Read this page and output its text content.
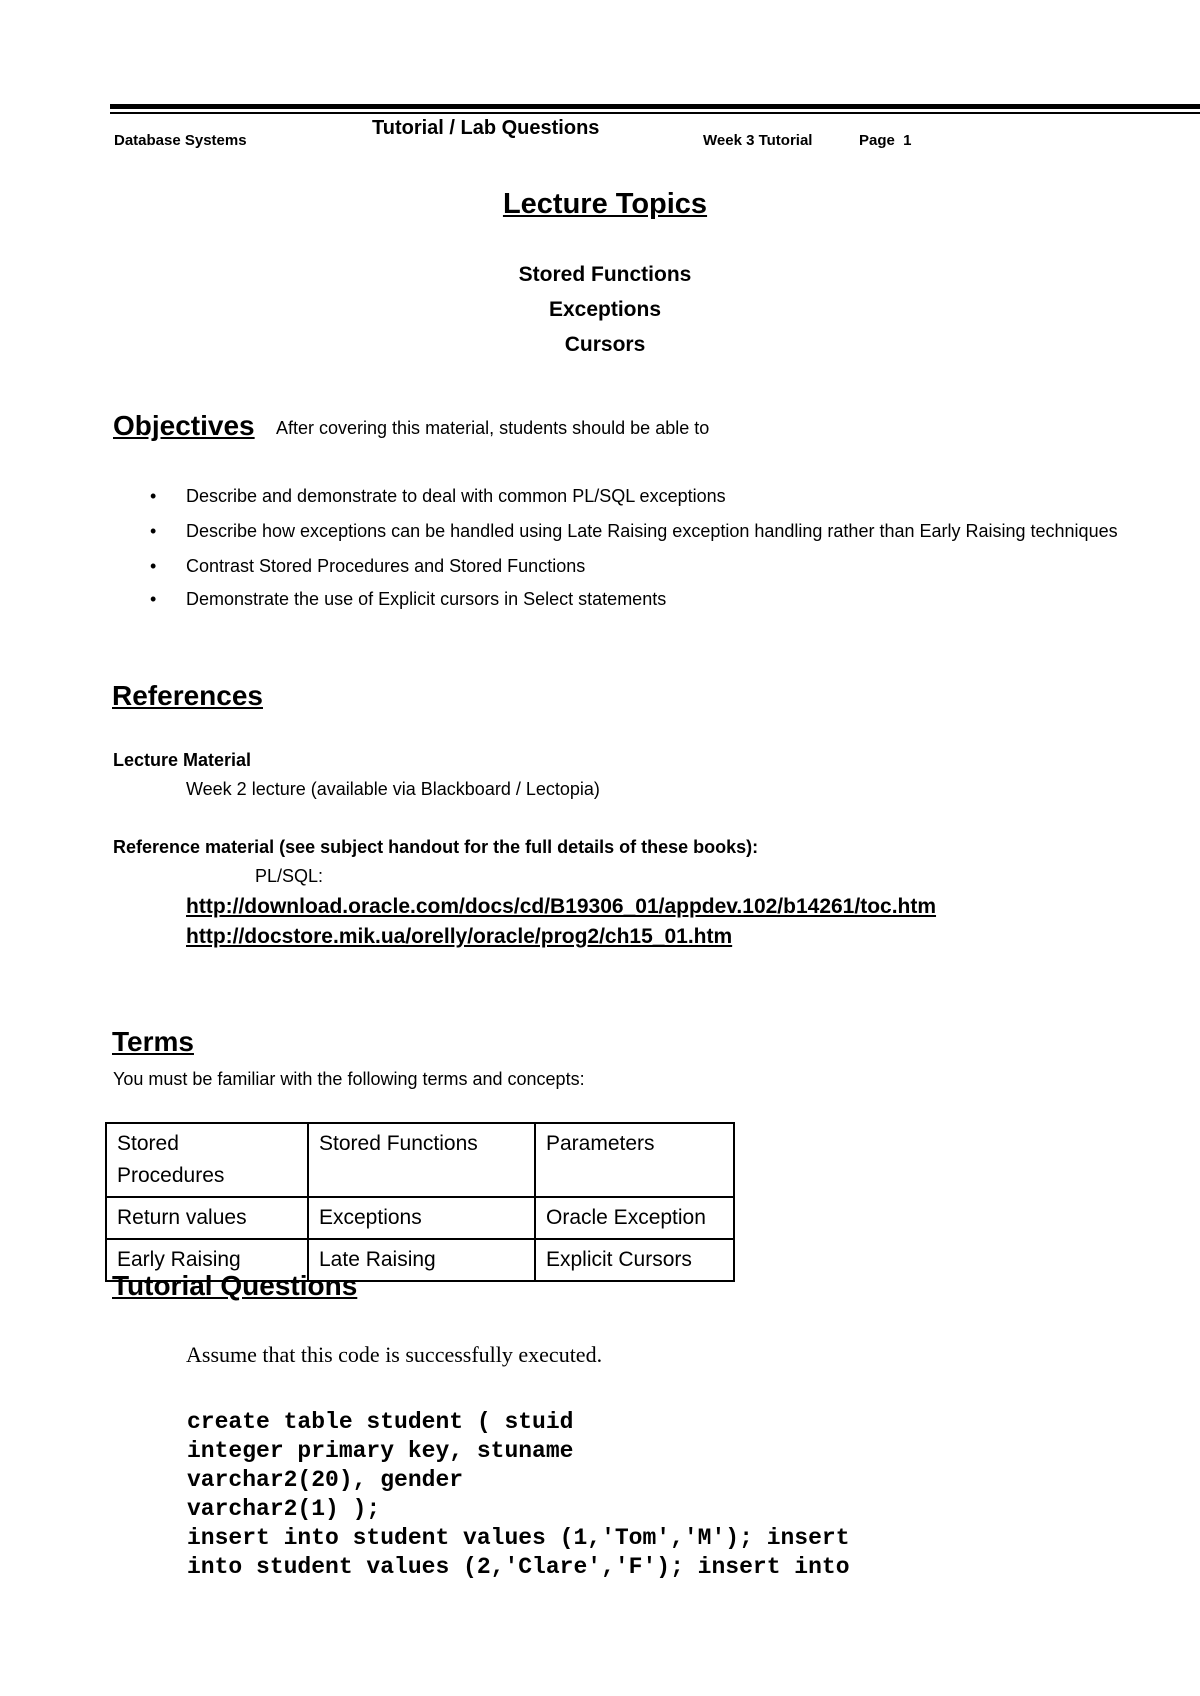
Database Systems
Tutorial / Lab Questions
Week 3 Tutorial	Page  1
Lecture Topics
Stored Functions
Exceptions
Cursors
Objectives After covering this material, students should be able to
• Describe and demonstrate to deal with common PL/SQL exceptions
• Describe how exceptions can be handled using Late Raising exception handling rather than Early Raising techniques
• Contrast Stored Procedures and Stored Functions
• Demonstrate the use of Explicit cursors in Select statements
References
Lecture Material
Week 2 lecture (available via Blackboard / Lectopia)
Reference material (see subject handout for the full details of these books):
PL/SQL:
http://download.oracle.com/docs/cd/B19306_01/appdev.102/b14261/toc.htm
http://docstore.mik.ua/orelly/oracle/prog2/ch15_01.htm
Terms
You must be familiar with the following terms and concepts:
Stored Procedures	Stored Functions	Parameters
Return values	Exceptions	Oracle Exception
Early Raising	Late Raising	Explicit Cursors
Tutorial Questions
Assume that this code is successfully executed.
create table student ( stuid
integer primary key, stuname
varchar2(20), gender
varchar2(1) );
insert into student values (1,'Tom','M'); insert
into student values (2,'Clare','F'); insert into
